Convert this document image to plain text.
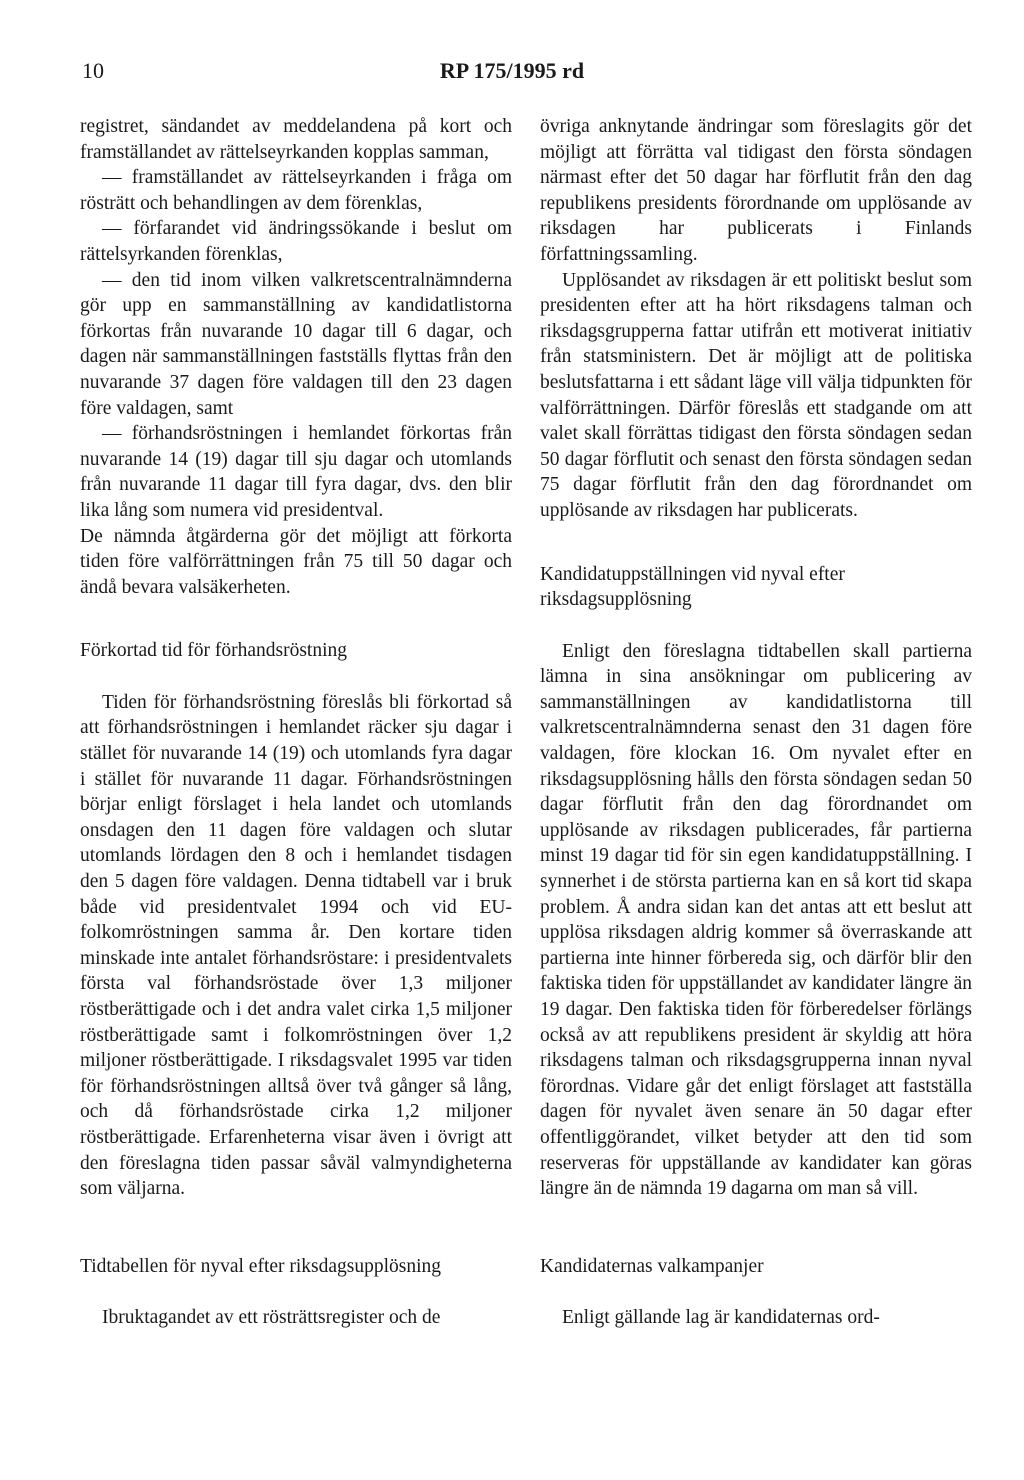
10	RP 175/1995 rd

registret, sändandet av meddelandena på kort och framställandet av rättelseyrkanden kopplas samman,

— framställandet av rättelseyrkanden i fråga om rösträtt och behandlingen av dem förenklas,

— förfarandet vid ändringssökande i beslut om rättelsyrkanden förenklas,

— den tid inom vilken valkretscentralnämnderna gör upp en sammanställning av kandidatlistorna förkortas från nuvarande 10 dagar till 6 dagar, och dagen när sammanställningen fastställs flyttas från den nuvarande 37 dagen före valdagen till den 23 dagen före valdagen, samt

— förhandsröstningen i hemlandet förkortas från nuvarande 14 (19) dagar till sju dagar och utomlands från nuvarande 11 dagar till fyra dagar, dvs. den blir lika lång som numera vid presidentval.

De nämnda åtgärderna gör det möjligt att förkorta tiden före valförrättningen från 75 till 50 dagar och ändå bevara valsäkerheten.

Förkortad tid för förhandsröstning

Tiden för förhandsröstning föreslås bli förkortad så att förhandsröstningen i hemlandet räcker sju dagar i stället för nuvarande 14 (19) och utomlands fyra dagar i stället för nuvarande 11 dagar. Förhandsröstningen börjar enligt förslaget i hela landet och utomlands onsdagen den 11 dagen före valdagen och slutar utomlands lördagen den 8 och i hemlandet tisdagen den 5 dagen före valdagen. Denna tidtabell var i bruk både vid presidentvalet 1994 och vid EU-folkomröstningen samma år. Den kortare tiden minskade inte antalet förhandsröstare: i presidentvalets första val förhandsröstade över 1,3 miljoner röstberättigade och i det andra valet cirka 1,5 miljoner röstberättigade samt i folkomröstningen över 1,2 miljoner röstberättigade. I riksdagsvalet 1995 var tiden för förhandsröstningen alltså över två gånger så lång, och då förhandsröstade cirka 1,2 miljoner röstberättigade. Erfarenheterna visar även i övrigt att den föreslagna tiden passar såväl valmyndigheterna som väljarna.

Tidtabellen för nyval efter riksdagsupplösning

Ibruktagandet av ett rösträttsregister och de

övriga anknytande ändringar som föreslagits gör det möjligt att förrätta val tidigast den första söndagen närmast efter det 50 dagar har förflutit från den dag republikens presidents förordnande om upplösande av riksdagen har publicerats i Finlands författningssamling.

Upplösandet av riksdagen är ett politiskt beslut som presidenten efter att ha hört riksdagens talman och riksdagsgrupperna fattar utifrån ett motiverat initiativ från statsministern. Det är möjligt att de politiska beslutsfattarna i ett sådant läge vill välja tidpunkten för valförrättningen. Därför föreslås ett stadgande om att valet skall förrättas tidigast den första söndagen sedan 50 dagar förflutit och senast den första söndagen sedan 75 dagar förflutit från den dag förordnandet om upplösande av riksdagen har publicerats.

Kandidatuppställningen vid nyval efter riksdagsupplösning

Enligt den föreslagna tidtabellen skall partierna lämna in sina ansökningar om publicering av sammanställningen av kandidatlistorna till valkretscentralnämnderna senast den 31 dagen före valdagen, före klockan 16. Om nyvalet efter en riksdagsupplösning hålls den första söndagen sedan 50 dagar förflutit från den dag förordnandet om upplösande av riksdagen publicerades, får partierna minst 19 dagar tid för sin egen kandidatuppställning. I synnerhet i de största partierna kan en så kort tid skapa problem. Å andra sidan kan det antas att ett beslut att upplösa riksdagen aldrig kommer så överraskande att partierna inte hinner förbereda sig, och därför blir den faktiska tiden för uppställandet av kandidater längre än 19 dagar. Den faktiska tiden för förberedelser förlängs också av att republikens president är skyldig att höra riksdagens talman och riksdagsgrupperna innan nyval förordnas. Vidare går det enligt förslaget att fastställa dagen för nyvalet även senare än 50 dagar efter offentliggörandet, vilket betyder att den tid som reserveras för uppställande av kandidater kan göras längre än de nämnda 19 dagarna om man så vill.

Kandidaternas valkampanjer

Enligt gällande lag är kandidaternas ord-
